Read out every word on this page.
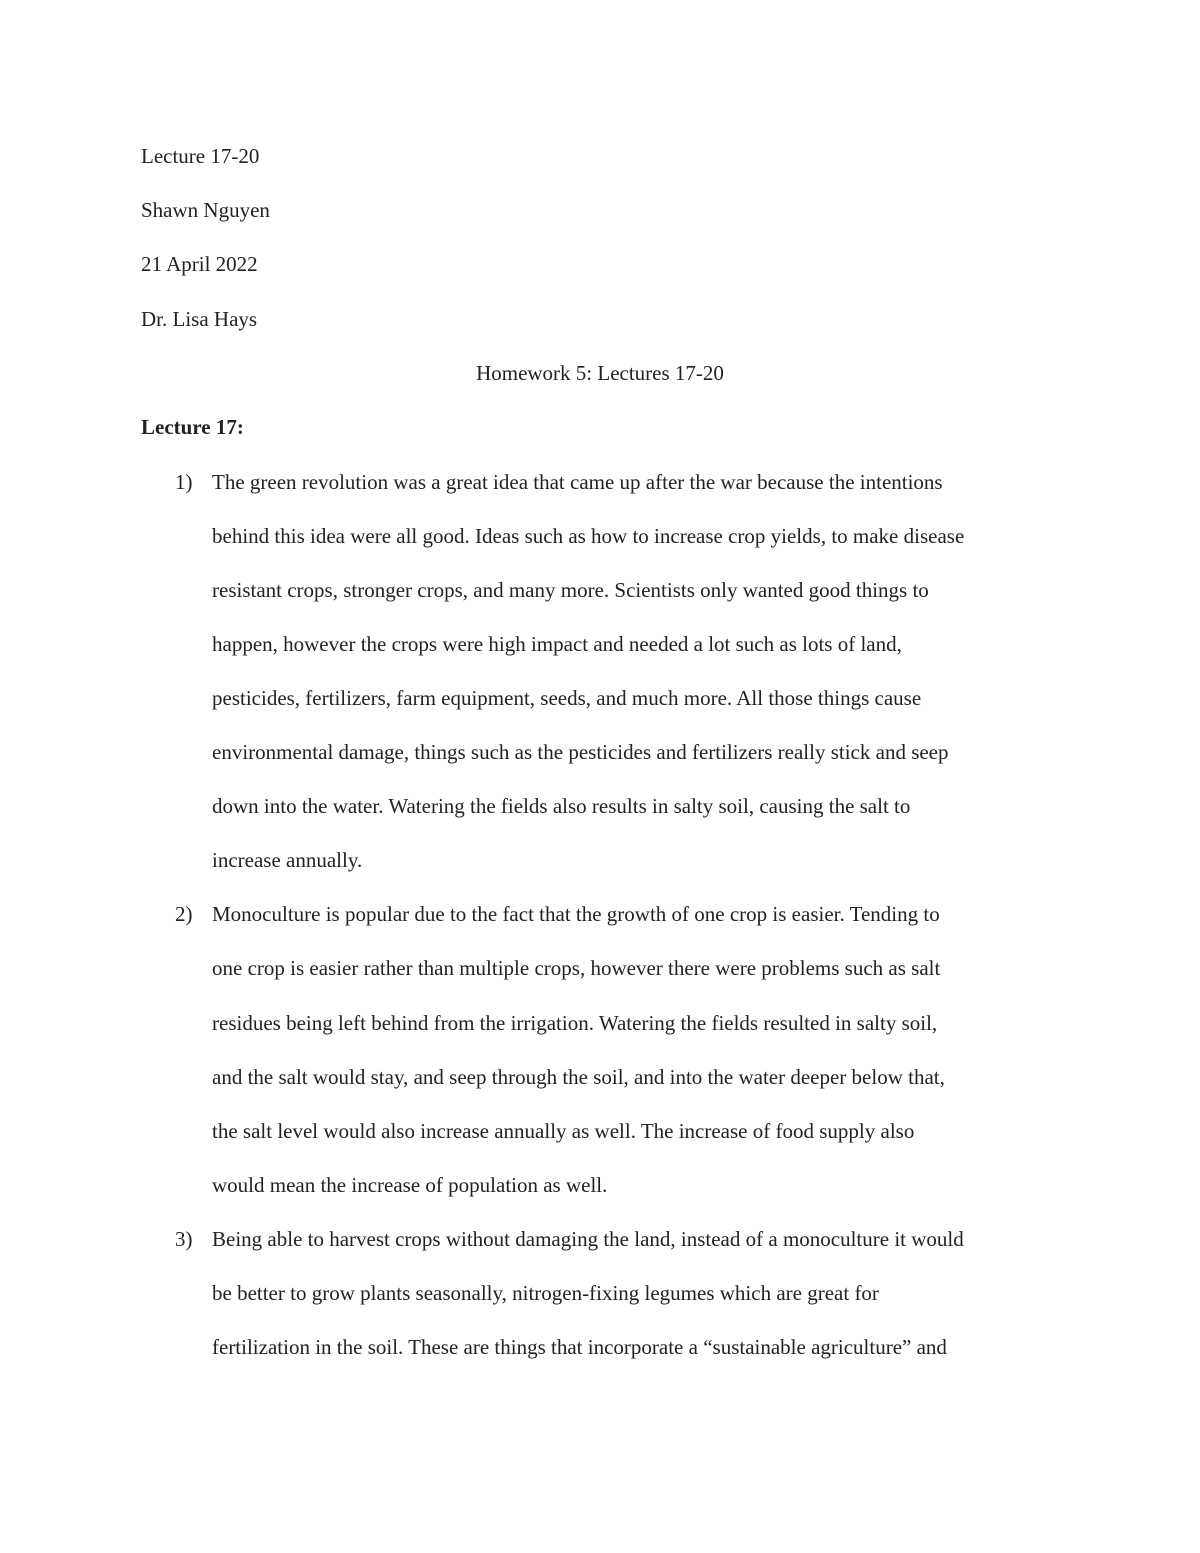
Lecture 17-20
Shawn Nguyen
21 April 2022
Dr. Lisa Hays
Homework 5: Lectures 17-20
Lecture 17:
1) The green revolution was a great idea that came up after the war because the intentions
behind this idea were all good. Ideas such as how to increase crop yields, to make disease
resistant crops, stronger crops, and many more. Scientists only wanted good things to
happen, however the crops were high impact and needed a lot such as lots of land,
pesticides, fertilizers, farm equipment, seeds, and much more. All those things cause
environmental damage, things such as the pesticides and fertilizers really stick and seep
down into the water. Watering the fields also results in salty soil, causing the salt to
increase annually.
2) Monoculture is popular due to the fact that the growth of one crop is easier. Tending to
one crop is easier rather than multiple crops, however there were problems such as salt
residues being left behind from the irrigation. Watering the fields resulted in salty soil,
and the salt would stay, and seep through the soil, and into the water deeper below that,
the salt level would also increase annually as well. The increase of food supply also
would mean the increase of population as well.
3) Being able to harvest crops without damaging the land, instead of a monoculture it would
be better to grow plants seasonally, nitrogen-fixing legumes which are great for
fertilization in the soil. These are things that incorporate a “sustainable agriculture” and
